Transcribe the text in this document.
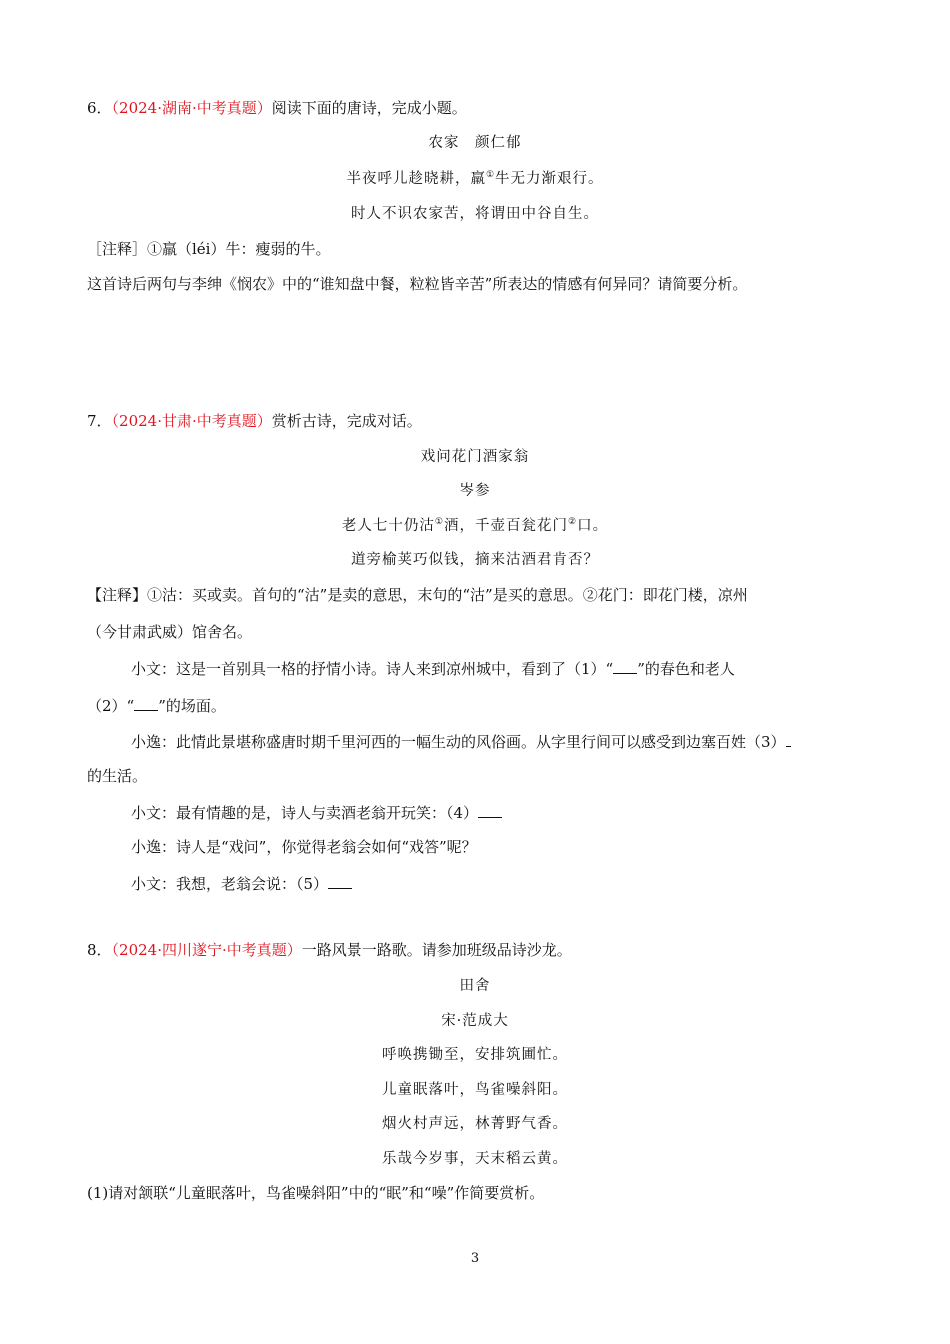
6．（2024·湖南·中考真题）阅读下面的唐诗，完成小题。
农家　颜仁郁
半夜呼儿趁晓耕，羸①牛无力渐艰行。
时人不识农家苦，将谓田中谷自生。
［注释］①羸（léi）牛：瘦弱的牛。
这首诗后两句与李绅《悯农》中的“谁知盘中餐，粒粒皆辛苦”所表达的情感有何异同？请简要分析。
7．（2024·甘肃·中考真题）赏析古诗，完成对话。
戏问花门酒家翁
岑参
老人七十仍沽①酒，千壶百瓮花门②口。
道旁榆荚巧似钱，摘来沽酒君肯否？
【注释】①沽：买或卖。首句的“沽”是卖的意思，末句的“沽”是买的意思。②花门：即花门楼，凉州
（今甘肃武威）馆舍名。
小文：这是一首别具一格的抒情小诗。诗人来到凉州城中，看到了（1）“ ”的春色和老人
（2）“ ”的场面。
小逸：此情此景堪称盛唐时期千里河西的一幅生动的风俗画。从字里行间可以感受到边塞百姓（3）
的生活。
小文：最有情趣的是，诗人与卖酒老翁开玩笑：（4）
小逸：诗人是“戏问”，你觉得老翁会如何“戏答”呢？
小文：我想，老翁会说：（5）
8．（2024·四川遂宁·中考真题）一路风景一路歌。请参加班级品诗沙龙。
田舍
宋·范成大
呼唤携锄至，安排筑圃忙。
儿童眠落叶，鸟雀噪斜阳。
烟火村声远，林菁野气香。
乐哉今岁事，天末稻云黄。
(1)请对颔联“儿童眠落叶，鸟雀噪斜阳”中的“眠”和“噪”作简要赏析。
3
